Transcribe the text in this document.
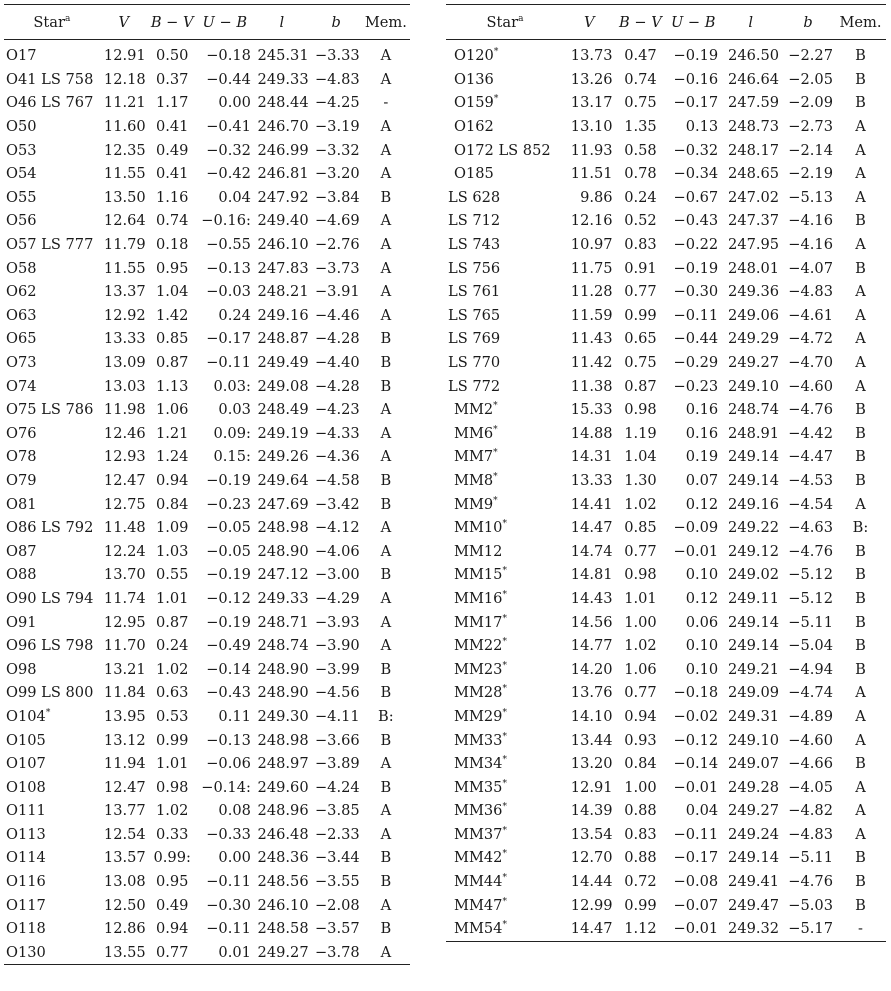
Star$^a$	V	B − V	U − B	l	b	Mem.
O17	12.91	0.50	−0.18	245.31	−3.33	A
O41 LS 758	12.18	0.37	−0.44	249.33	−4.83	A
O46 LS 767	11.21	1.17	0.00	248.44	−4.25	-
O50	11.60	0.41	−0.41	246.70	−3.19	A
O53	12.35	0.49	−0.32	246.99	−3.32	A
O54	11.55	0.41	−0.42	246.81	−3.20	A
O55	13.50	1.16	0.04	247.92	−3.84	B
O56	12.64	0.74	−0.16:	249.40	−4.69	A
O57 LS 777	11.79	0.18	−0.55	246.10	−2.76	A
O58	11.55	0.95	−0.13	247.83	−3.73	A
O62	13.37	1.04	−0.03	248.21	−3.91	A
O63	12.92	1.42	0.24	249.16	−4.46	A
O65	13.33	0.85	−0.17	248.87	−4.28	B
O73	13.09	0.87	−0.11	249.49	−4.40	B
O74	13.03	1.13	0.03:	249.08	−4.28	B
O75 LS 786	11.98	1.06	0.03	248.49	−4.23	A
O76	12.46	1.21	0.09:	249.19	−4.33	A
O78	12.93	1.24	0.15:	249.26	−4.36	A
O79	12.47	0.94	−0.19	249.64	−4.58	B
O81	12.75	0.84	−0.23	247.69	−3.42	B
O86 LS 792	11.48	1.09	−0.05	248.98	−4.12	A
O87	12.24	1.03	−0.05	248.90	−4.06	A
O88	13.70	0.55	−0.19	247.12	−3.00	B
O90 LS 794	11.74	1.01	−0.12	249.33	−4.29	A
O91	12.95	0.87	−0.19	248.71	−3.93	A
O96 LS 798	11.70	0.24	−0.49	248.74	−3.90	A
O98	13.21	1.02	−0.14	248.90	−3.99	B
O99 LS 800	11.84	0.63	−0.43	248.90	−4.56	B
O104*	13.95	0.53	0.11	249.30	−4.11	B:
O105	13.12	0.99	−0.13	248.98	−3.66	B
O107	11.94	1.01	−0.06	248.97	−3.89	A
O108	12.47	0.98	−0.14:	249.60	−4.24	B
O111	13.77	1.02	0.08	248.96	−3.85	A
O113	12.54	0.33	−0.33	246.48	−2.33	A
O114	13.57	0.99:	0.00	248.36	−3.44	B
O116	13.08	0.95	−0.11	248.56	−3.55	B
O117	12.50	0.49	−0.30	246.10	−2.08	A
O118	12.86	0.94	−0.11	248.58	−3.57	B
O130	13.55	0.77	0.01	249.27	−3.78	A

Star$^a$	V	B − V	U − B	l	b	Mem.
O120*	13.73	0.47	−0.19	246.50	−2.27	B
O136	13.26	0.74	−0.16	246.64	−2.05	B
O159*	13.17	0.75	−0.17	247.59	−2.09	B
O162	13.10	1.35	0.13	248.73	−2.73	A
O172 LS 852	11.93	0.58	−0.32	248.17	−2.14	A
O185	11.51	0.78	−0.34	248.65	−2.19	A
LS 628	9.86	0.24	−0.67	247.02	−5.13	A
LS 712	12.16	0.52	−0.43	247.37	−4.16	B
LS 743	10.97	0.83	−0.22	247.95	−4.16	A
LS 756	11.75	0.91	−0.19	248.01	−4.07	B
LS 761	11.28	0.77	−0.30	249.36	−4.83	A
LS 765	11.59	0.99	−0.11	249.06	−4.61	A
LS 769	11.43	0.65	−0.44	249.29	−4.72	A
LS 770	11.42	0.75	−0.29	249.27	−4.70	A
LS 772	11.38	0.87	−0.23	249.10	−4.60	A
MM2*	15.33	0.98	0.16	248.74	−4.76	B
MM6*	14.88	1.19	0.16	248.91	−4.42	B
MM7*	14.31	1.04	0.19	249.14	−4.47	B
MM8*	13.33	1.30	0.07	249.14	−4.53	B
MM9*	14.41	1.02	0.12	249.16	−4.54	A
MM10*	14.47	0.85	−0.09	249.22	−4.63	B:
MM12	14.74	0.77	−0.01	249.12	−4.76	B
MM15*	14.81	0.98	0.10	249.02	−5.12	B
MM16*	14.43	1.01	0.12	249.11	−5.12	B
MM17*	14.56	1.00	0.06	249.14	−5.11	B
MM22*	14.77	1.02	0.10	249.14	−5.04	B
MM23*	14.20	1.06	0.10	249.21	−4.94	B
MM28*	13.76	0.77	−0.18	249.09	−4.74	A
MM29*	14.10	0.94	−0.02	249.31	−4.89	A
MM33*	13.44	0.93	−0.12	249.10	−4.60	A
MM34*	13.20	0.84	−0.14	249.07	−4.66	B
MM35*	12.91	1.00	−0.01	249.28	−4.05	A
MM36*	14.39	0.88	0.04	249.27	−4.82	A
MM37*	13.54	0.83	−0.11	249.24	−4.83	A
MM42*	12.70	0.88	−0.17	249.14	−5.11	B
MM44*	14.44	0.72	−0.08	249.41	−4.76	B
MM47*	12.99	0.99	−0.07	249.47	−5.03	B
MM54*	14.47	1.12	−0.01	249.32	−5.17	-
